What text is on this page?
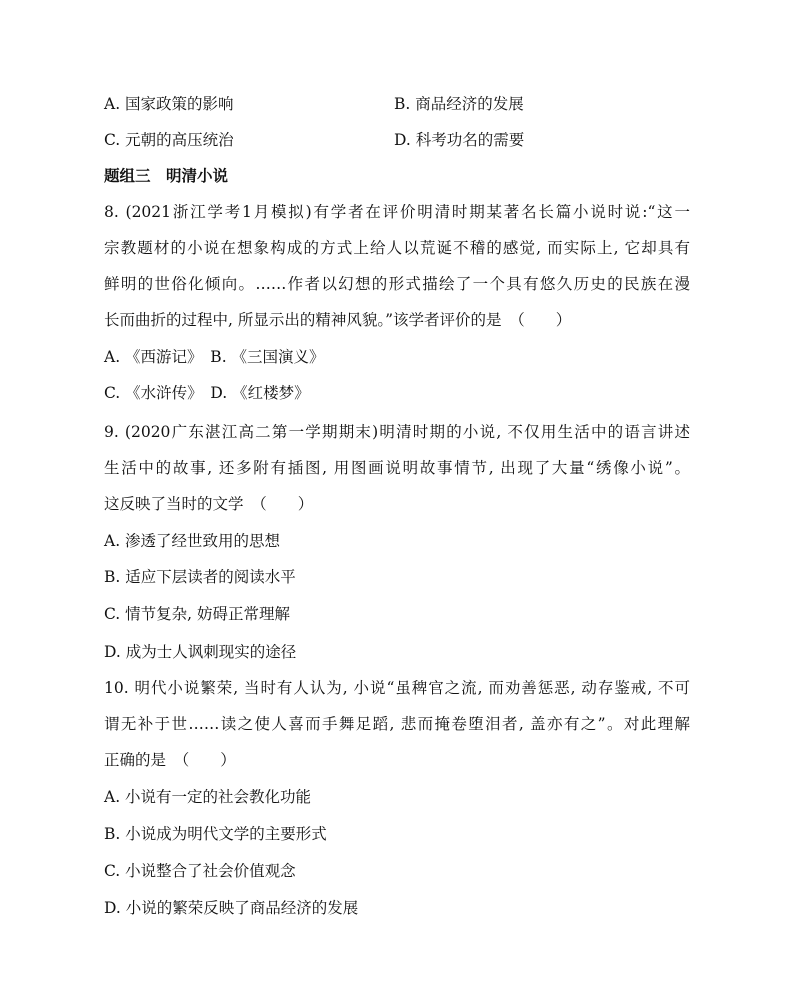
A. 国家政策的影响	B. 商品经济的发展
C. 元朝的高压统治	D. 科考功名的需要
题组三　明清小说
8. (2021浙江学考1月模拟)有学者在评价明清时期某著名长篇小说时说:“这一
宗教题材的小说在想象构成的方式上给人以荒诞不稽的感觉, 而实际上, 它却具有
鲜明的世俗化倾向。……作者以幻想的形式描绘了一个具有悠久历史的民族在漫
长而曲折的过程中, 所显示出的精神风貌。”该学者评价的是　（　　）
A. 《西游记》　B. 《三国演义》
C. 《水浒传》　D. 《红楼梦》
9. (2020广东湛江高二第一学期期末)明清时期的小说, 不仅用生活中的语言讲述
生活中的故事, 还多附有插图, 用图画说明故事情节, 出现了大量“绣像小说”。
这反映了当时的文学　（　　）
A. 渗透了经世致用的思想
B. 适应下层读者的阅读水平
C. 情节复杂, 妨碍正常理解
D. 成为士人讽刺现实的途径
10. 明代小说繁荣, 当时有人认为, 小说“虽稗官之流, 而劝善惩恶, 动存鉴戒, 不可
谓无补于世……读之使人喜而手舞足蹈, 悲而掩卷堕泪者, 盖亦有之”。对此理解
正确的是　（　　）
A. 小说有一定的社会教化功能
B. 小说成为明代文学的主要形式
C. 小说整合了社会价值观念
D. 小说的繁荣反映了商品经济的发展
